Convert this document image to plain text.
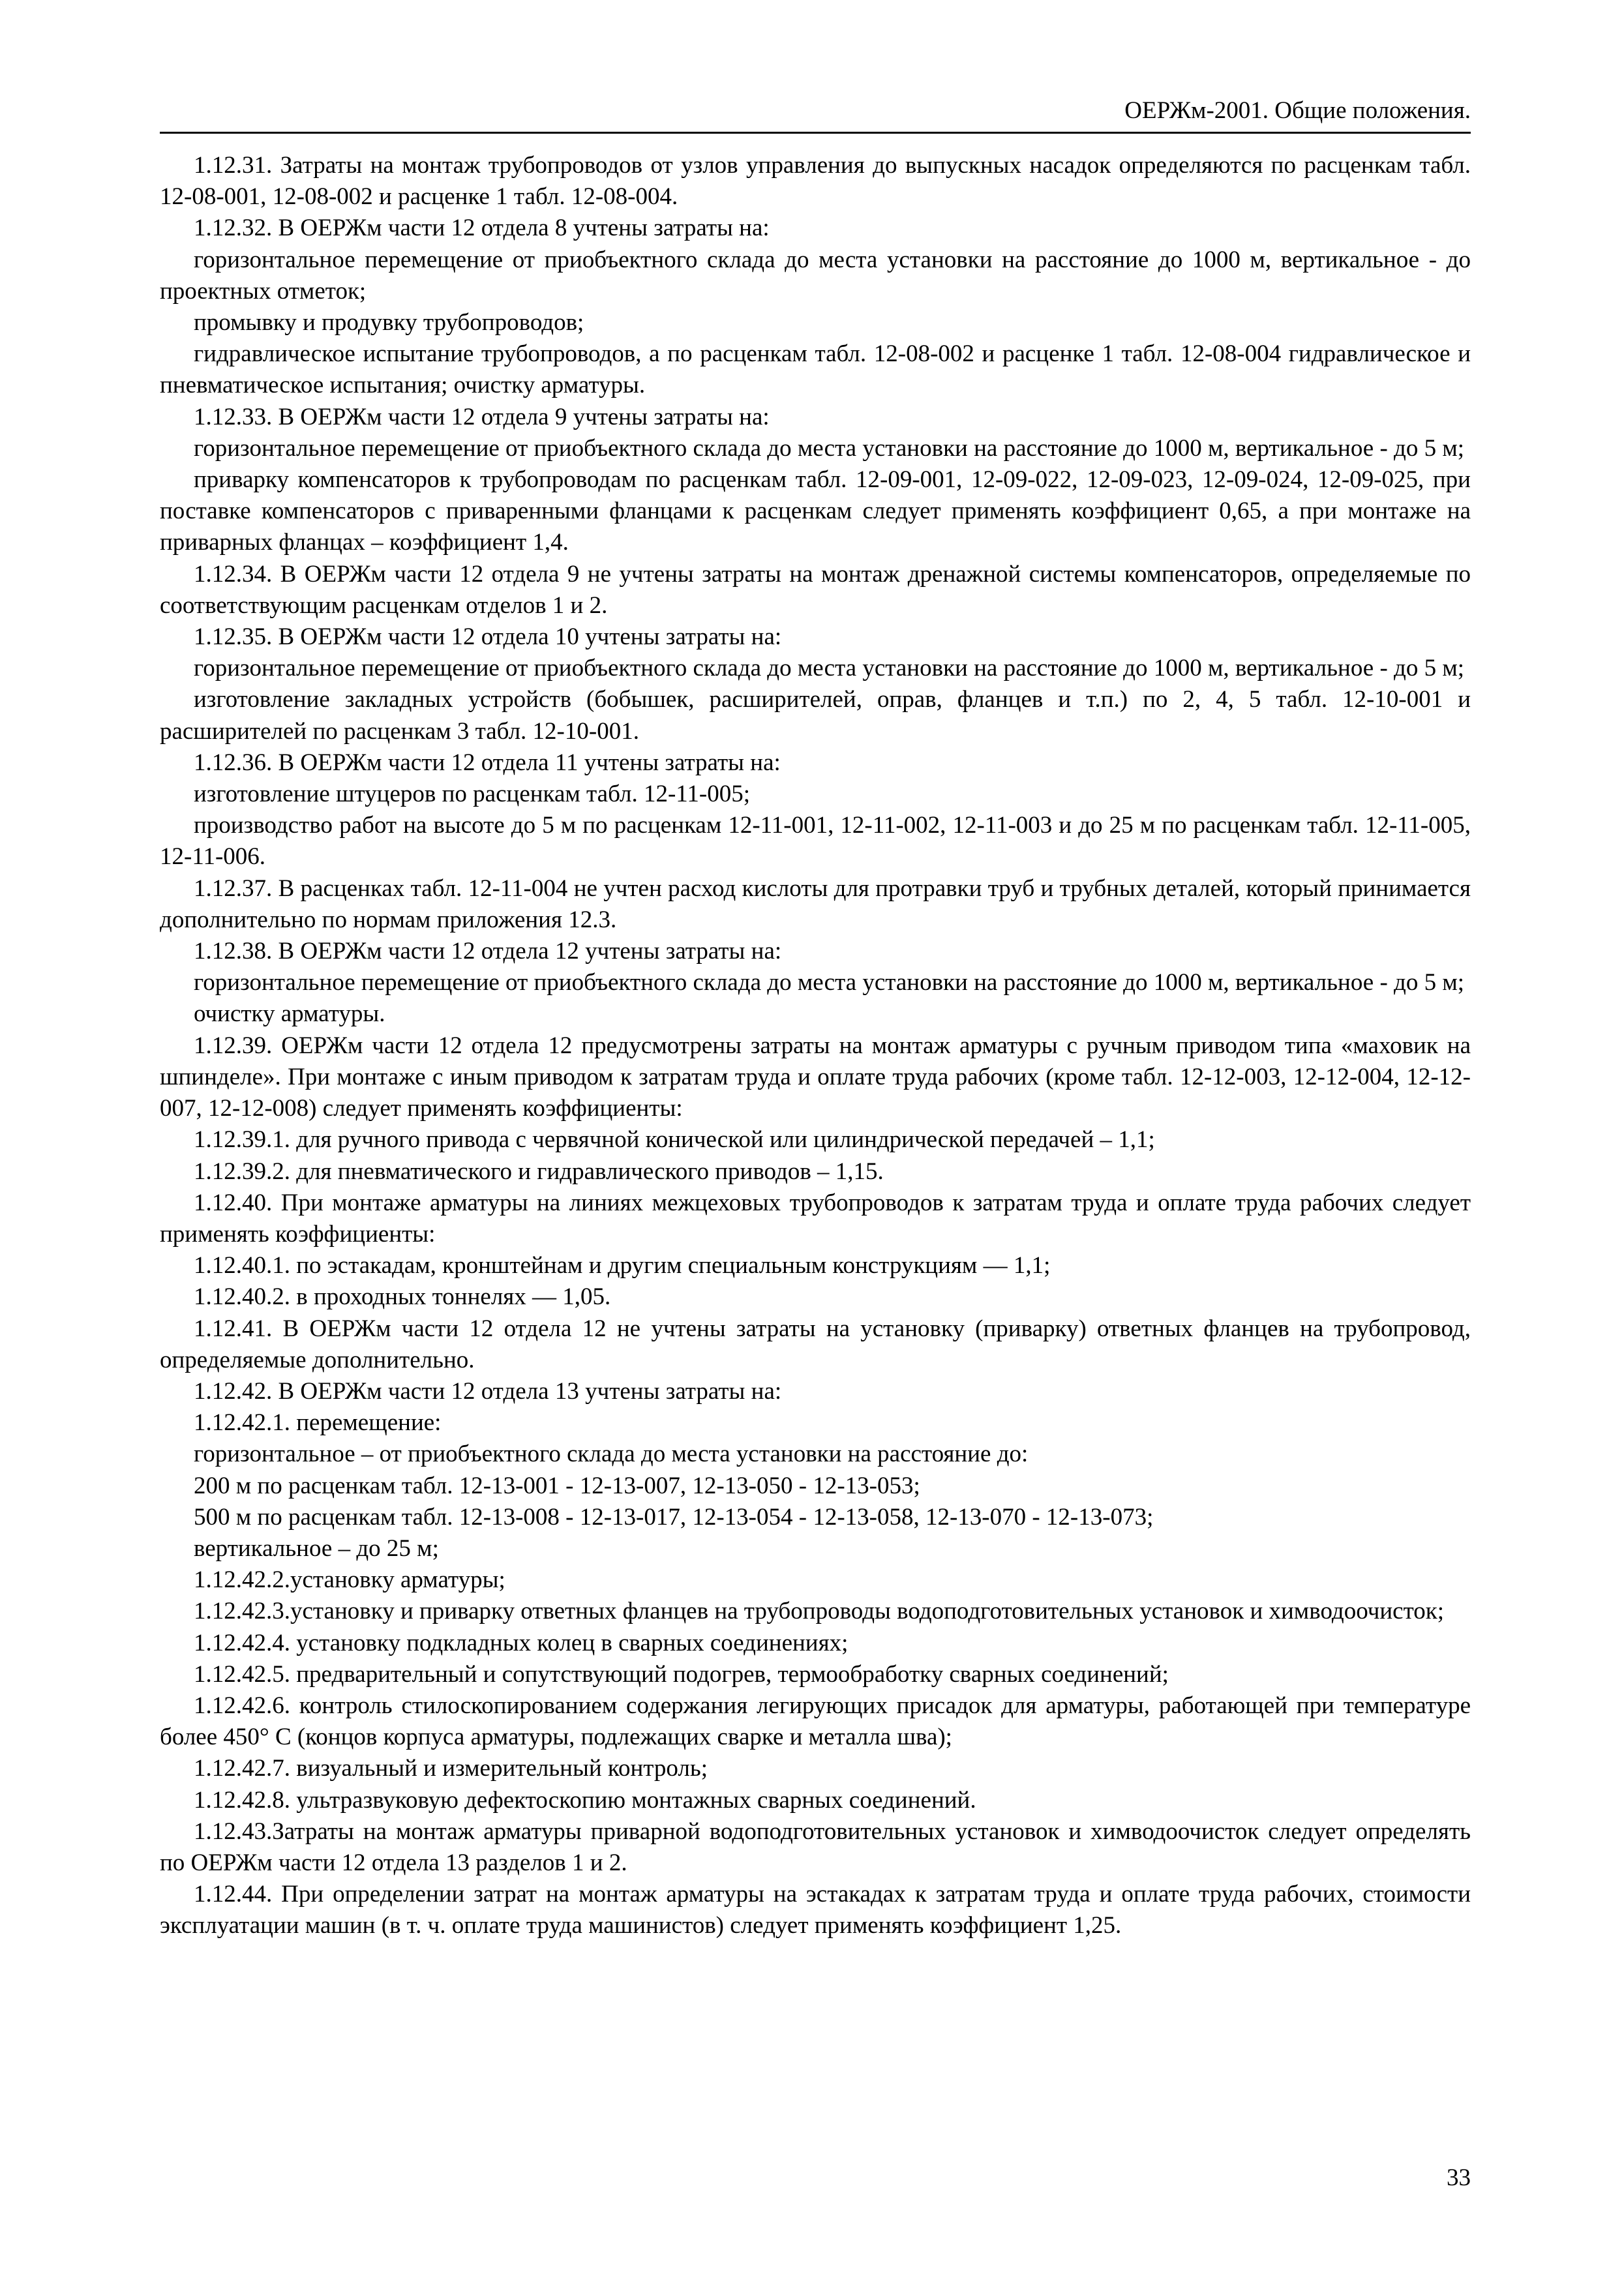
ОЕРЖм-2001. Общие положения.

1.12.31. Затраты на монтаж трубопроводов от узлов управления до выпускных насадок определяются по расценкам табл. 12-08-001, 12-08-002 и расценке 1 табл. 12-08-004.

1.12.32. В ОЕРЖм части 12 отдела 8 учтены затраты на:

горизонтальное перемещение от приобъектного склада до места установки на расстояние до 1000 м, вертикальное - до проектных отметок;

промывку и продувку трубопроводов;

гидравлическое испытание трубопроводов, а по расценкам табл. 12-08-002 и расценке 1 табл. 12-08-004 гидравлическое и пневматическое испытания; очистку арматуры.

1.12.33. В ОЕРЖм части 12 отдела 9 учтены затраты на:

горизонтальное перемещение от приобъектного склада до места установки на расстояние до 1000 м, вертикальное - до 5 м;

приварку компенсаторов к трубопроводам по расценкам табл. 12-09-001, 12-09-022, 12-09-023, 12-09-024, 12-09-025, при поставке компенсаторов с приваренными фланцами к расценкам следует применять коэффициент 0,65, а при монтаже на приварных фланцах – коэффициент 1,4.

1.12.34. В ОЕРЖм части 12 отдела 9 не учтены затраты на монтаж дренажной системы компенсаторов, определяемые по соответствующим расценкам отделов 1 и 2.

1.12.35. В ОЕРЖм части 12 отдела 10 учтены затраты на:

горизонтальное перемещение от приобъектного склада до места установки на расстояние до 1000 м, вертикальное - до 5 м;

изготовление закладных устройств (бобышек, расширителей, оправ, фланцев и т.п.) по 2, 4, 5 табл. 12-10-001 и расширителей по расценкам 3 табл. 12-10-001.

1.12.36. В ОЕРЖм части 12 отдела 11 учтены затраты на:

изготовление штуцеров по расценкам табл. 12-11-005;

производство работ на высоте до 5 м по расценкам 12-11-001, 12-11-002, 12-11-003 и до 25 м по расценкам табл. 12-11-005, 12-11-006.

1.12.37. В расценках табл. 12-11-004 не учтен расход кислоты для протравки труб и трубных деталей, который принимается дополнительно по нормам приложения 12.3.

1.12.38. В ОЕРЖм части 12 отдела 12 учтены затраты на:

горизонтальное перемещение от приобъектного склада до места установки на расстояние до 1000 м, вертикальное - до 5 м;

очистку арматуры.

1.12.39. ОЕРЖм части 12 отдела 12 предусмотрены затраты на монтаж арматуры с ручным приводом типа «маховик на шпинделе». При монтаже с иным приводом к затратам труда и оплате труда рабочих (кроме табл. 12-12-003, 12-12-004, 12-12-007, 12-12-008) следует применять коэффициенты:

1.12.39.1. для ручного привода с червячной конической или цилиндрической передачей – 1,1;

1.12.39.2. для пневматического и гидравлического приводов – 1,15.

1.12.40. При монтаже арматуры на линиях межцеховых трубопроводов к затратам труда и оплате труда рабочих следует применять коэффициенты:

1.12.40.1. по эстакадам, кронштейнам и другим специальным конструкциям — 1,1;

1.12.40.2. в проходных тоннелях — 1,05.

1.12.41. В ОЕРЖм части 12 отдела 12 не учтены затраты на установку (приварку) ответных фланцев на трубопровод, определяемые дополнительно.

1.12.42. В ОЕРЖм части 12 отдела 13 учтены затраты на:

1.12.42.1. перемещение:

горизонтальное – от приобъектного склада до места установки на расстояние до:

200 м по расценкам табл. 12-13-001 - 12-13-007, 12-13-050 - 12-13-053;

500 м по расценкам табл. 12-13-008 - 12-13-017, 12-13-054 - 12-13-058, 12-13-070 - 12-13-073;

вертикальное – до 25 м;

1.12.42.2.установку арматуры;

1.12.42.3.установку и приварку ответных фланцев на трубопроводы водоподготовительных установок и химводоочисток;

1.12.42.4. установку подкладных колец в сварных соединениях;

1.12.42.5. предварительный и сопутствующий подогрев, термообработку сварных соединений;

1.12.42.6. контроль стилоскопированием содержания легирующих присадок для арматуры, работающей при температуре более 450° С (концов корпуса арматуры, подлежащих сварке и металла шва);

1.12.42.7. визуальный и измерительный контроль;

1.12.42.8. ультразвуковую дефектоскопию монтажных сварных соединений.

1.12.43.Затраты на монтаж арматуры приварной водоподготовительных установок и химводоочисток следует определять по ОЕРЖм части 12 отдела 13 разделов 1 и 2.

1.12.44. При определении затрат на монтаж арматуры на эстакадах к затратам труда и оплате труда рабочих, стоимости эксплуатации машин (в т. ч. оплате труда машинистов) следует применять коэффициент 1,25.

33
